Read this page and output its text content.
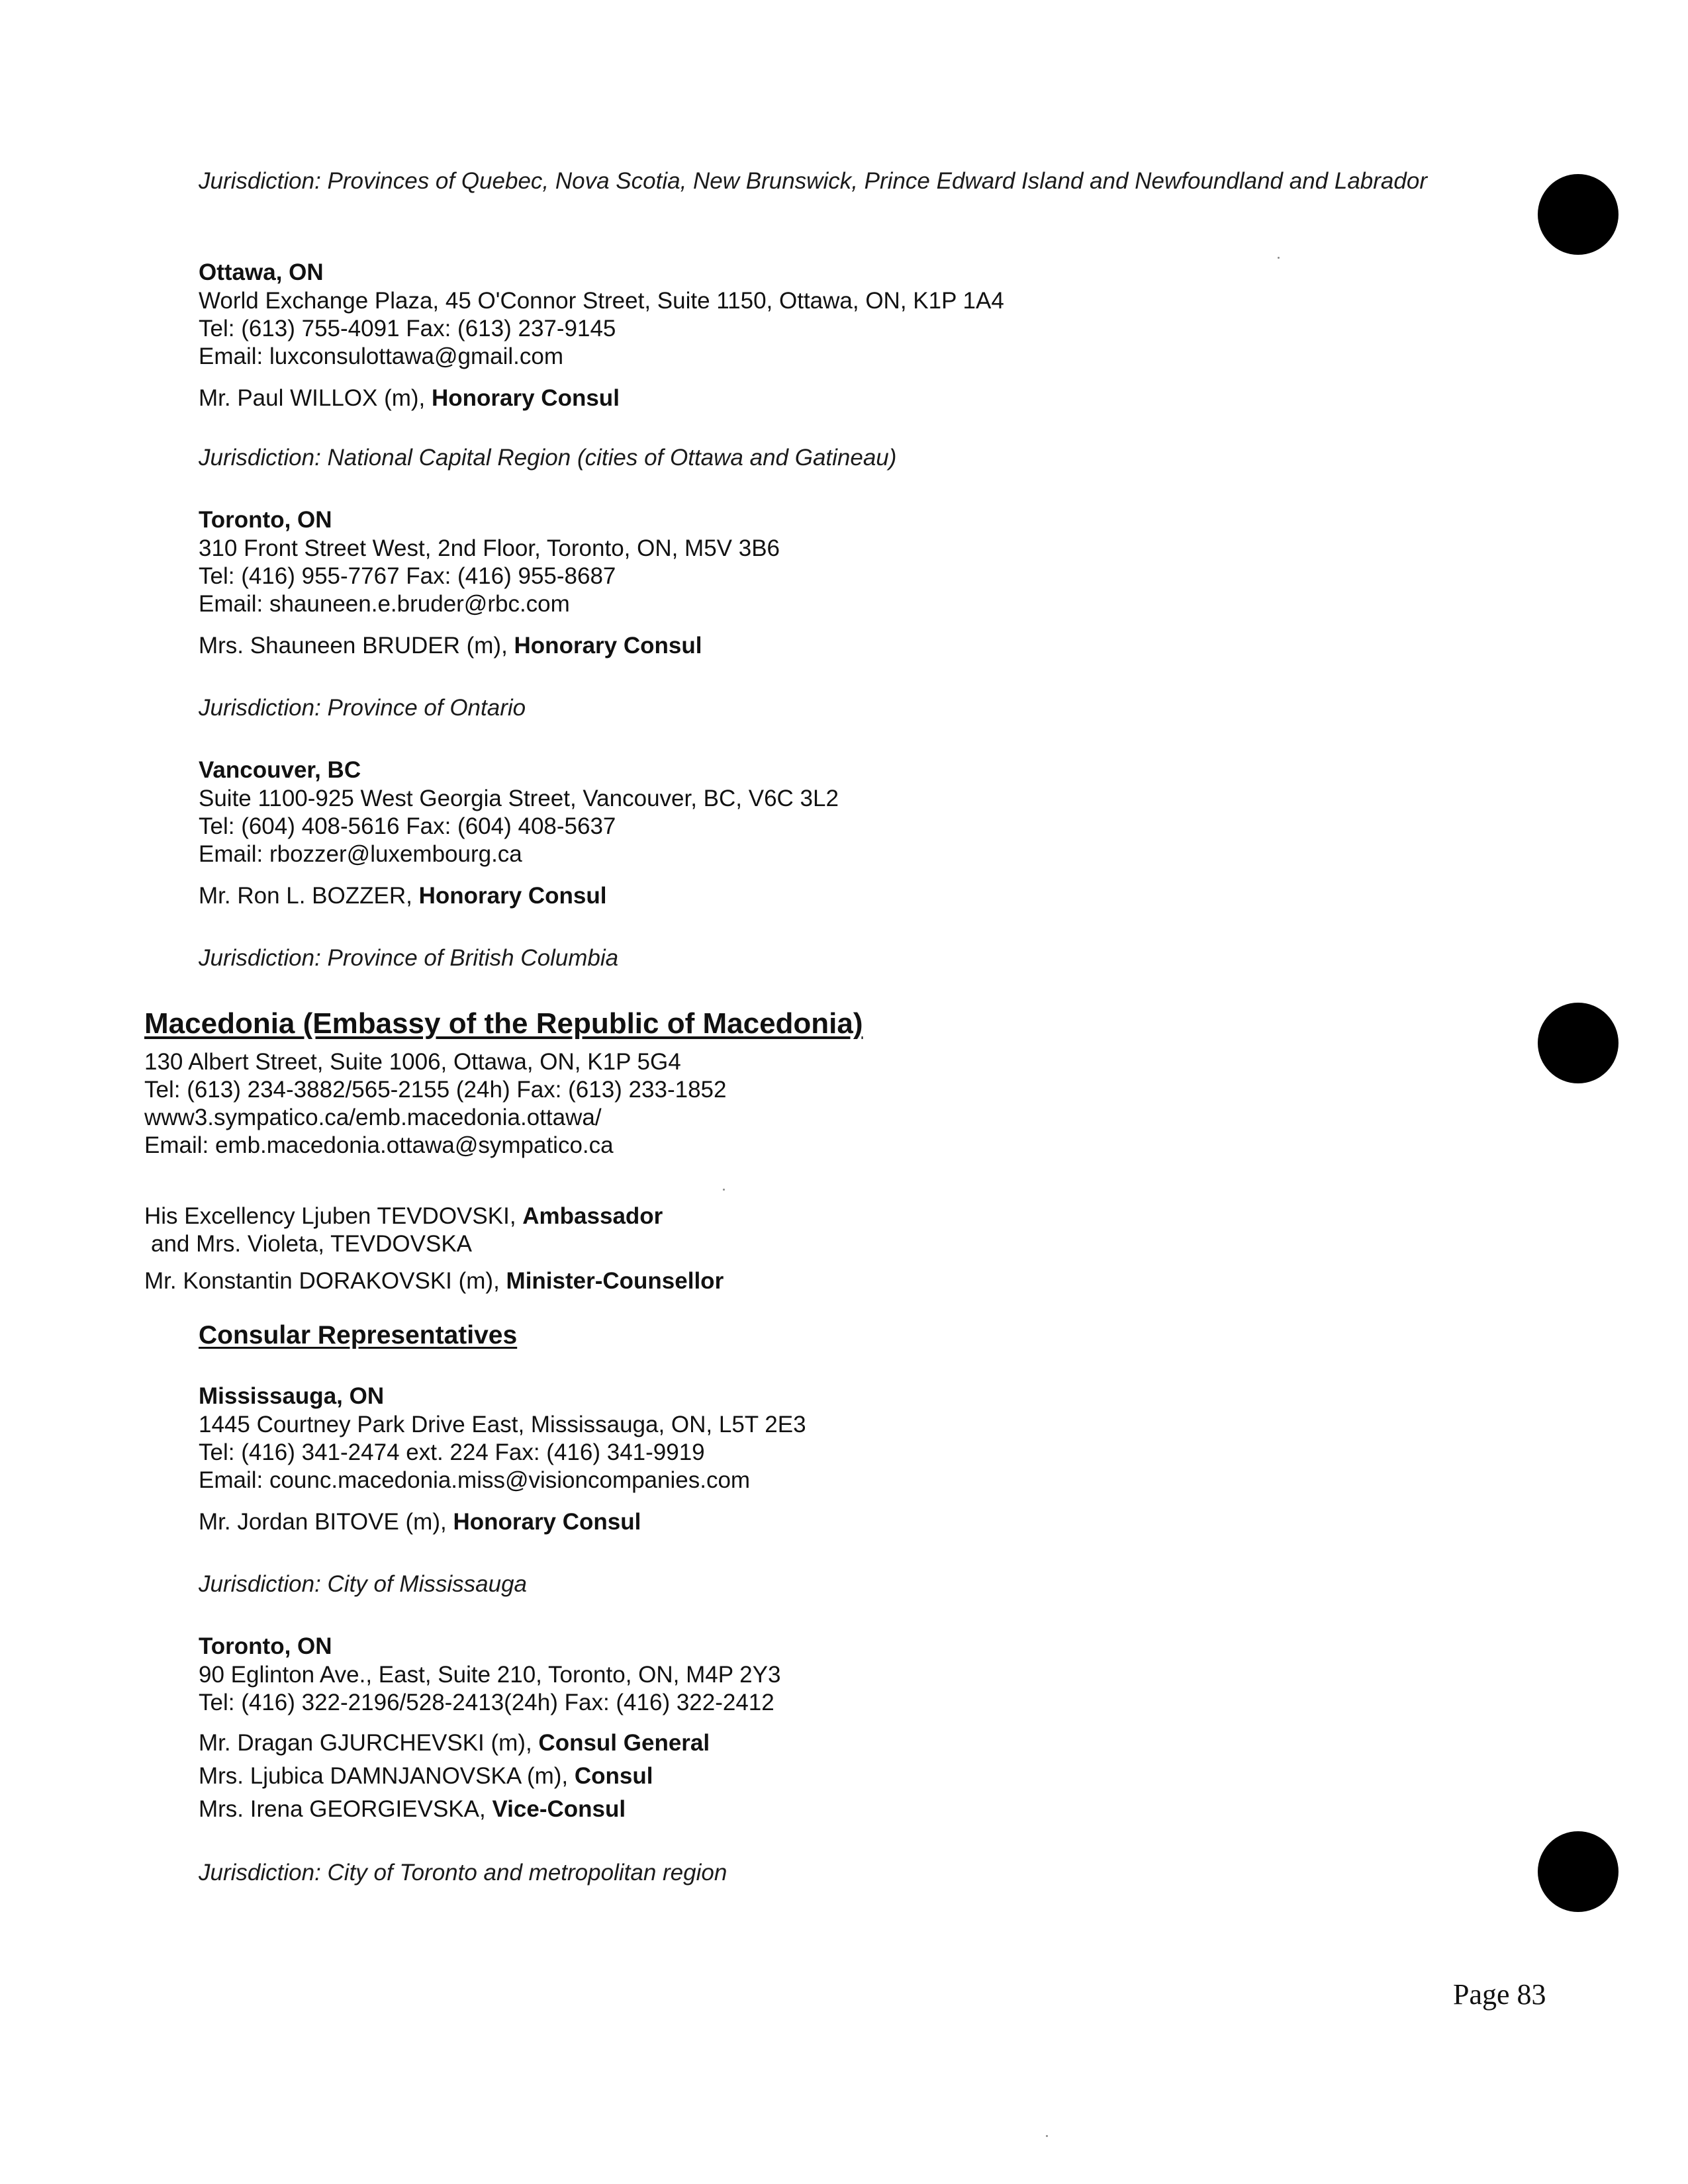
Jurisdiction: Provinces of Quebec, Nova Scotia, New Brunswick, Prince Edward Island and Newfoundland and Labrador
Ottawa, ON
World Exchange Plaza, 45 O'Connor Street, Suite 1150, Ottawa, ON, K1P 1A4
Tel: (613) 755-4091 Fax: (613) 237-9145
Email: luxconsulottawa@gmail.com
Mr. Paul WILLOX (m), Honorary Consul
Jurisdiction: National Capital Region (cities of Ottawa and Gatineau)
Toronto, ON
310 Front Street West, 2nd Floor, Toronto, ON, M5V 3B6
Tel: (416) 955-7767 Fax: (416) 955-8687
Email: shauneen.e.bruder@rbc.com
Mrs. Shauneen BRUDER (m), Honorary Consul
Jurisdiction: Province of Ontario
Vancouver, BC
Suite 1100-925 West Georgia Street, Vancouver, BC, V6C 3L2
Tel: (604) 408-5616 Fax: (604) 408-5637
Email: rbozzer@luxembourg.ca
Mr. Ron L. BOZZER, Honorary Consul
Jurisdiction: Province of British Columbia
Macedonia (Embassy of the Republic of Macedonia)
130 Albert Street, Suite 1006, Ottawa, ON, K1P 5G4
Tel: (613) 234-3882/565-2155 (24h) Fax: (613) 233-1852
www3.sympatico.ca/emb.macedonia.ottawa/
Email: emb.macedonia.ottawa@sympatico.ca
His Excellency Ljuben TEVDOVSKI, Ambassador
and Mrs. Violeta, TEVDOVSKA
Mr. Konstantin DORAKOVSKI (m), Minister-Counsellor
Consular Representatives
Mississauga, ON
1445 Courtney Park Drive East, Mississauga, ON, L5T 2E3
Tel: (416) 341-2474 ext. 224 Fax: (416) 341-9919
Email: counc.macedonia.miss@visioncompanies.com
Mr. Jordan BITOVE (m), Honorary Consul
Jurisdiction: City of Mississauga
Toronto, ON
90 Eglinton Ave., East, Suite 210, Toronto, ON, M4P 2Y3
Tel: (416) 322-2196/528-2413(24h) Fax: (416) 322-2412
Mr. Dragan GJURCHEVSKI (m), Consul General
Mrs. Ljubica DAMNJANOVSKA (m), Consul
Mrs. Irena GEORGIEVSKA, Vice-Consul
Jurisdiction: City of Toronto and metropolitan region
Page 83
